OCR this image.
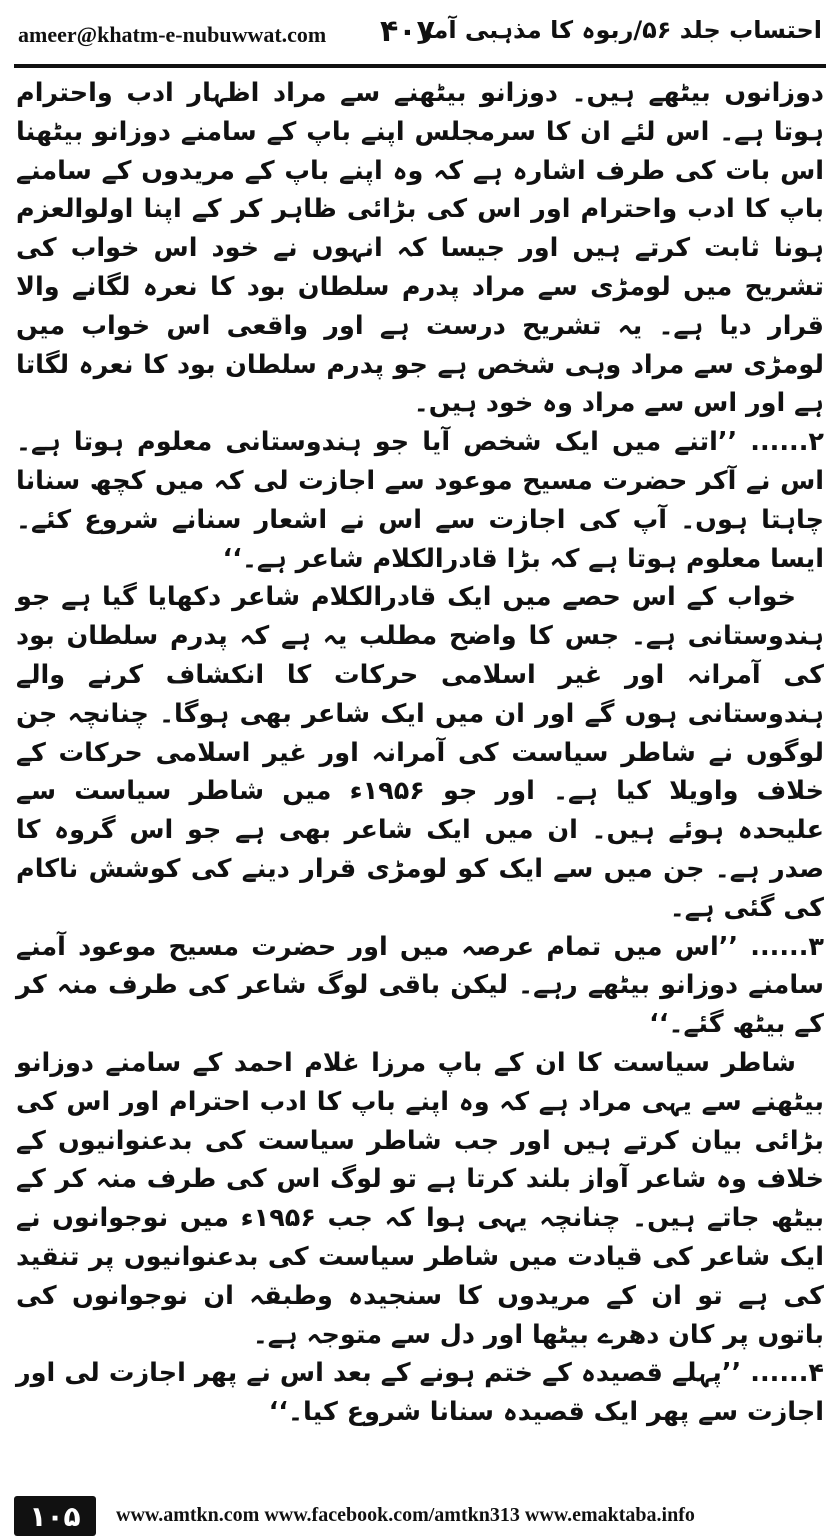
ameer@khatm-e-nubuwwat.com ۴۰۷
احتساب جلد ۵۶/ربوہ کا مذہبی آمر

دوزانوں بیٹھے ہیں۔ دوزانو بیٹھنے سے مراد اظہار ادب واحترام ہوتا ہے۔ اس لئے ان کا سرمجلس اپنے باپ کے سامنے دوزانو بیٹھنا اس بات کی طرف اشارہ ہے کہ وہ اپنے باپ کے مریدوں کے سامنے باپ کا ادب واحترام اور اس کی بڑائی ظاہر کر کے اپنا اولوالعزم ہونا ثابت کرتے ہیں اور جیسا کہ انہوں نے خود اس خواب کی تشریح میں لومڑی سے مراد پدرم سلطان بود کا نعرہ لگانے والا قرار دیا ہے۔ یہ تشریح درست ہے اور واقعی اس خواب میں لومڑی سے مراد وہی شخص ہے جو پدرم سلطان بود کا نعرہ لگاتا ہے اور اس سے مراد وہ خود ہیں۔

۲...... ’’اتنے میں ایک شخص آیا جو ہندوستانی معلوم ہوتا ہے۔ اس نے آکر حضرت مسیح موعود سے اجازت لی کہ میں کچھ سنانا چاہتا ہوں۔ آپ کی اجازت سے اس نے اشعار سنانے شروع کئے۔ ایسا معلوم ہوتا ہے کہ بڑا قادرالکلام شاعر ہے۔‘‘

خواب کے اس حصے میں ایک قادرالکلام شاعر دکھایا گیا ہے جو ہندوستانی ہے۔ جس کا واضح مطلب یہ ہے کہ پدرم سلطان بود کی آمرانہ اور غیر اسلامی حرکات کا انکشاف کرنے والے ہندوستانی ہوں گے اور ان میں ایک شاعر بھی ہوگا۔ چنانچہ جن لوگوں نے شاطر سیاست کی آمرانہ اور غیر اسلامی حرکات کے خلاف واویلا کیا ہے۔ اور جو ۱۹۵۶ء میں شاطر سیاست سے علیحدہ ہوئے ہیں۔ ان میں ایک شاعر بھی ہے جو اس گروہ کا صدر ہے۔ جن میں سے ایک کو لومڑی قرار دینے کی کوشش ناکام کی گئی ہے۔

۳...... ’’اس میں تمام عرصہ میں اور حضرت مسیح موعود آمنے سامنے دوزانو بیٹھے رہے۔ لیکن باقی لوگ شاعر کی طرف منہ کر کے بیٹھ گئے۔‘‘

شاطر سیاست کا ان کے باپ مرزا غلام احمد کے سامنے دوزانو بیٹھنے سے یہی مراد ہے کہ وہ اپنے باپ کا ادب احترام اور اس کی بڑائی بیان کرتے ہیں اور جب شاطر سیاست کی بدعنوانیوں کے خلاف وہ شاعر آواز بلند کرتا ہے تو لوگ اس کی طرف منہ کر کے بیٹھ جاتے ہیں۔ چنانچہ یہی ہوا کہ جب ۱۹۵۶ء میں نوجوانوں نے ایک شاعر کی قیادت میں شاطر سیاست کی بدعنوانیوں پر تنقید کی ہے تو ان کے مریدوں کا سنجیدہ وطبقہ ان نوجوانوں کی باتوں پر کان دھرے بیٹھا اور دل سے متوجہ ہے۔

۴...... ’’پہلے قصیدہ کے ختم ہونے کے بعد اس نے پھر اجازت لی اور اجازت سے پھر ایک قصیدہ سنانا شروع کیا۔‘‘

۱۰۵	www.amtkn.com www.facebook.com/amtkn313 www.emaktaba.info
